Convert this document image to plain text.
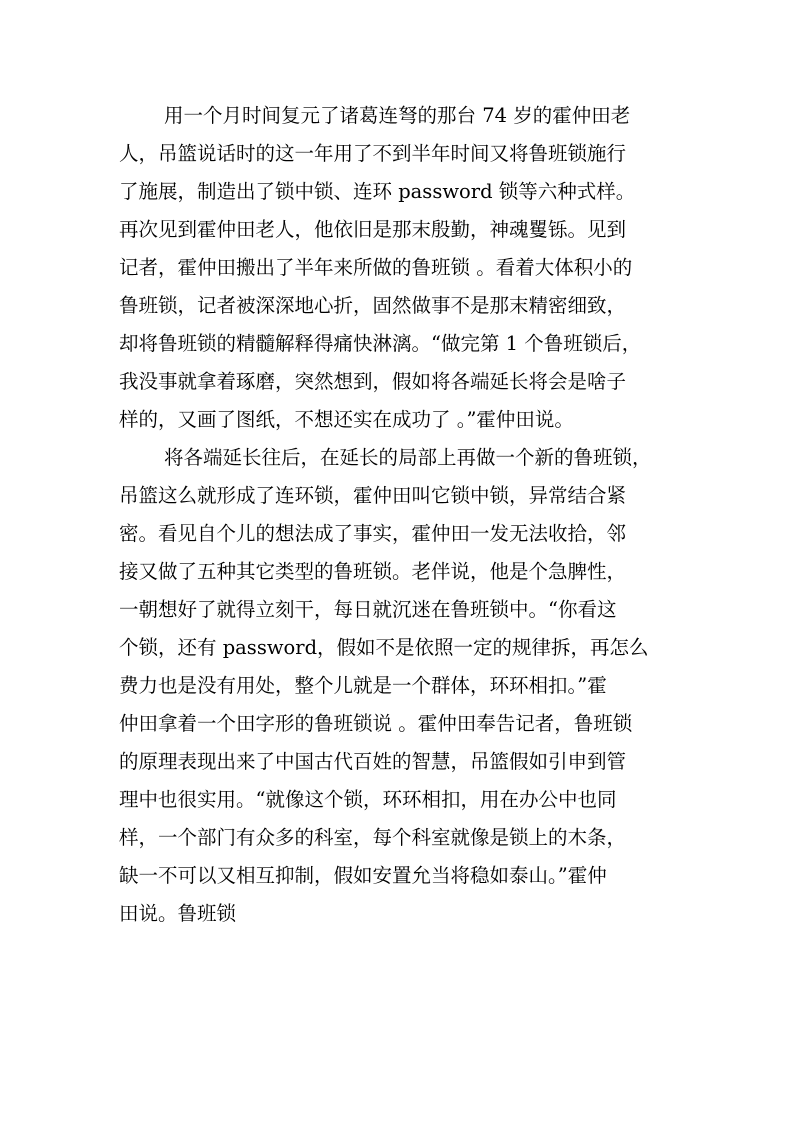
用一个月时间复元了诸葛连弩的那台 74 岁的霍仲田老
人，吊篮说话时的这一年用了不到半年时间又将鲁班锁施行
了施展，制造出了锁中锁、连环 password 锁等六种式样。
再次见到霍仲田老人，他依旧是那末殷勤，神魂矍铄。见到
记者，霍仲田搬出了半年来所做的鲁班锁 。看着大体积小的
鲁班锁，记者被深深地心折，固然做事不是那末精密细致，
却将鲁班锁的精髓解释得痛快淋漓。“做完第 1 个鲁班锁后，
我没事就拿着琢磨，突然想到，假如将各端延长将会是啥子
样的，又画了图纸，不想还实在成功了 。”霍仲田说。
将各端延长往后，在延长的局部上再做一个新的鲁班锁，
吊篮这么就形成了连环锁，霍仲田叫它锁中锁，异常结合紧
密。看见自个儿的想法成了事实，霍仲田一发无法收拾，邻
接又做了五种其它类型的鲁班锁。老伴说，他是个急脾性，
一朝想好了就得立刻干，每日就沉迷在鲁班锁中。“你看这
个锁，还有 password，假如不是依照一定的规律拆，再怎么
费力也是没有用处，整个儿就是一个群体，环环相扣。”霍
仲田拿着一个田字形的鲁班锁说 。霍仲田奉告记者，鲁班锁
的原理表现出来了中国古代百姓的智慧，吊篮假如引申到管
理中也很实用。“就像这个锁，环环相扣，用在办公中也同
样，一个部门有众多的科室，每个科室就像是锁上的木条，
缺一不可以又相互抑制，假如安置允当将稳如泰山。”霍仲
田说。鲁班锁
